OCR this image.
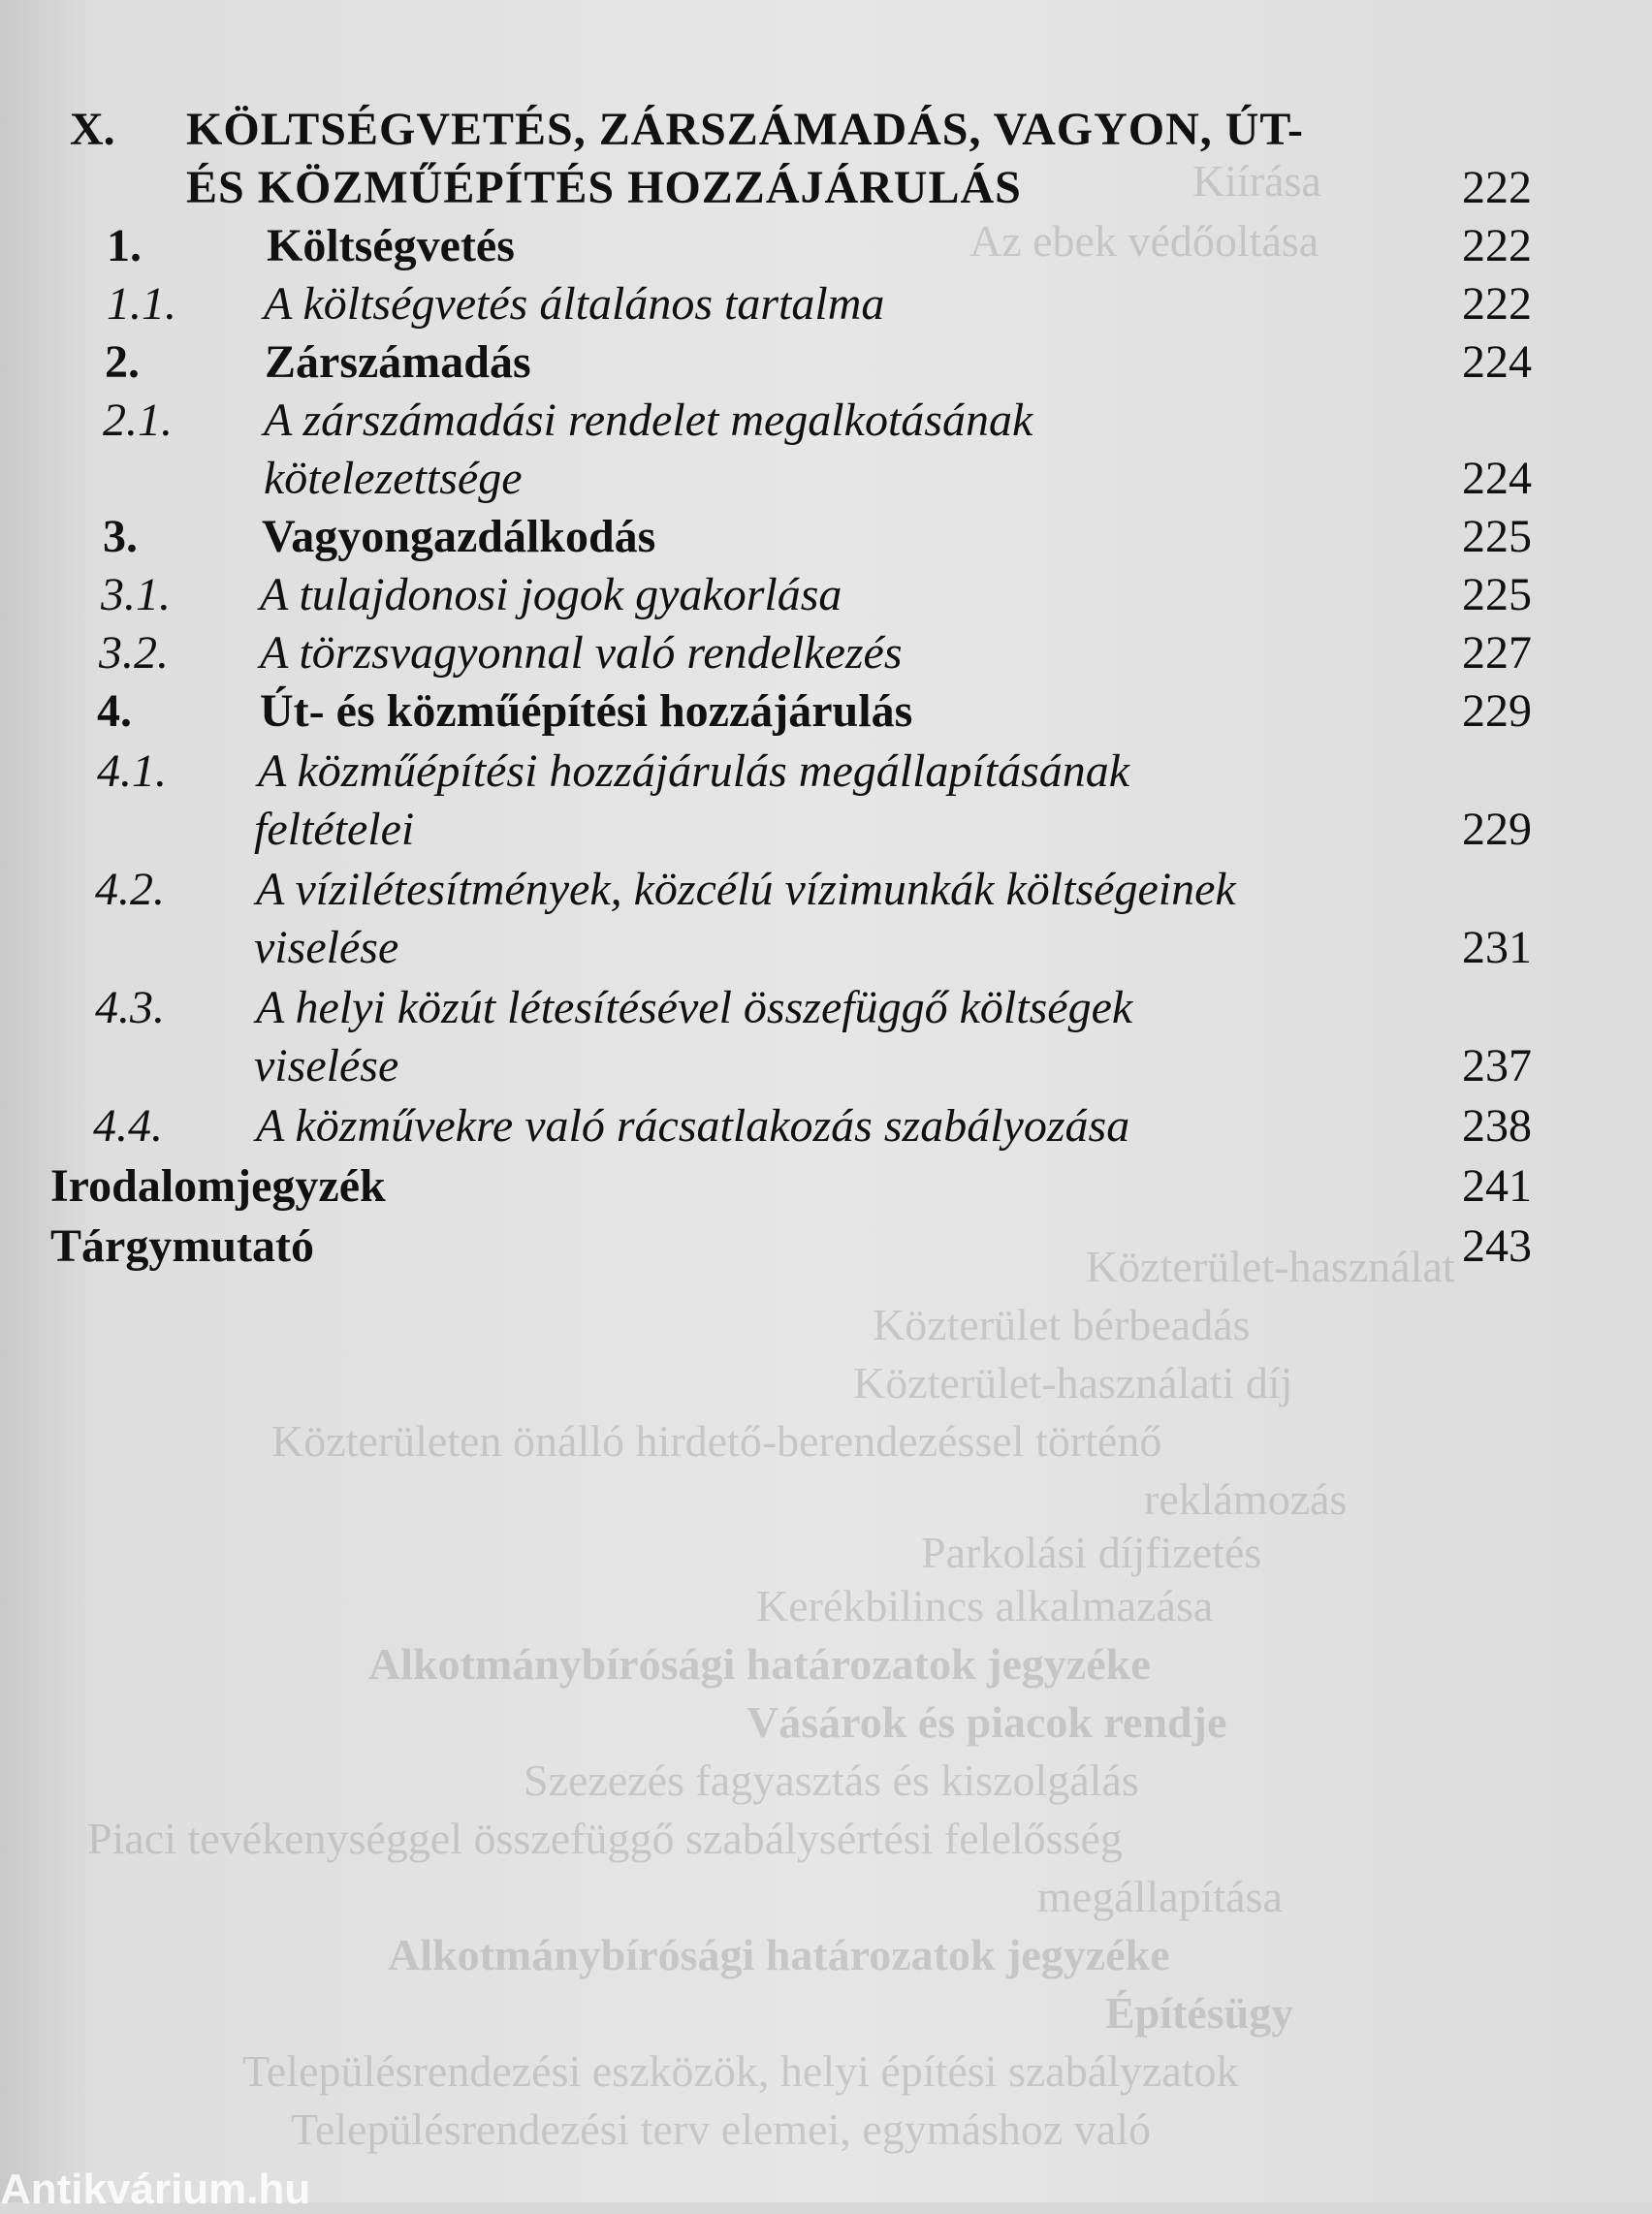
Kiírása
Az ebek védőoltása
Közterület-használat
Közterület bérbeadás
Közterület-használati díj
Közterületen önálló hirdető-berendezéssel történő
reklámozás
Parkolási díjfizetés
Kerékbilincs alkalmazása
Alkotmánybírósági határozatok jegyzéke
Vásárok és piacok rendje
Szezezés fagyasztás és kiszolgálás
Piaci tevékenységgel összefüggő szabálysértési felelősség
megállapítása
Alkotmánybírósági határozatok jegyzéke
Építésügy
Településrendezési eszközök, helyi építési szabályzatok
Településrendezési terv elemei, egymáshoz való
X. KÖLTSÉGVETÉS, ZÁRSZÁMADÁS, VAGYON, ÚT-
ÉS KÖZMŰÉPÍTÉS HOZZÁJÁRULÁS	222
1.	Költségvetés	222
1.1. A költségvetés általános tartalma	222
2.	Zárszámadás	224
2.1. A zárszámadási rendelet megalkotásának
kötelezettsége	224
3.	Vagyongazdálkodás	225
3.1. A tulajdonosi jogok gyakorlása	225
3.2. A törzsvagyonnal való rendelkezés	227
4.	Út- és közműépítési hozzájárulás	229
4.1. A közműépítési hozzájárulás megállapításának
feltételei	229
4.2. A vízilétesítmények, közcélú vízimunkák költségeinek
viselése	231
4.3. A helyi közút létesítésével összefüggő költségek
viselése	237
4.4. A közművekre való rácsatlakozás szabályozása	238
Irodalomjegyzék	241
Tárgymutató	243
Antikvárium.hu
